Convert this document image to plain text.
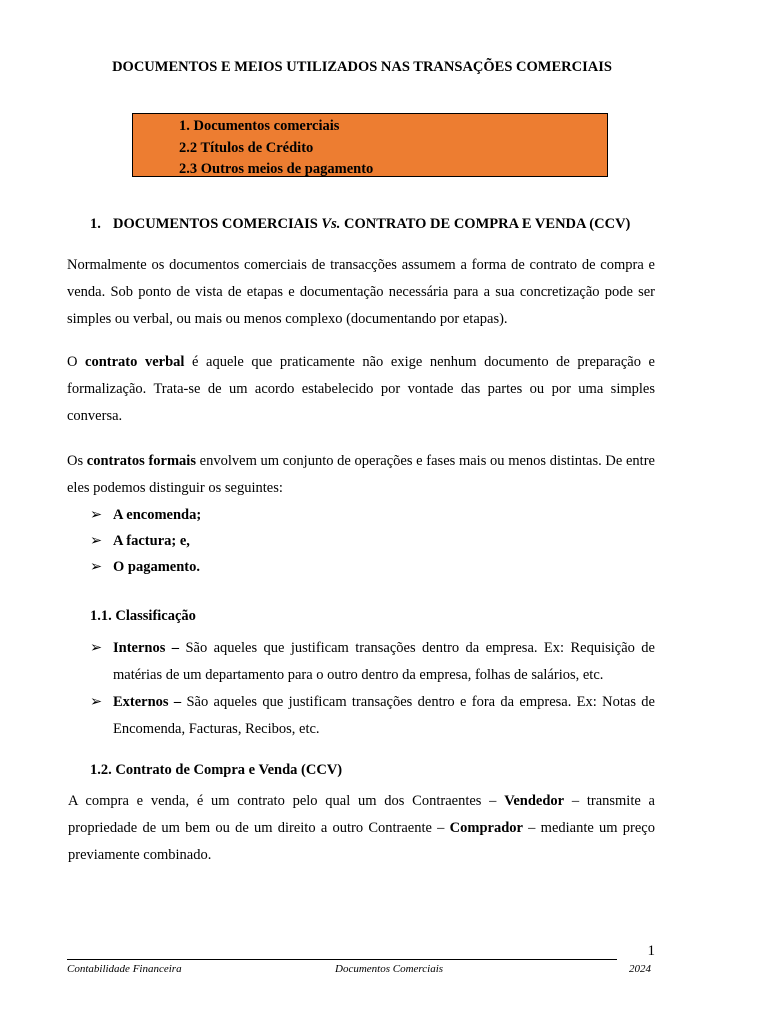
DOCUMENTOS E MEIOS UTILIZADOS NAS TRANSAÇÕES COMERCIAIS
1. Documentos comerciais
2.2 Títulos de Crédito
2.3 Outros meios de pagamento
1. DOCUMENTOS COMERCIAIS Vs. CONTRATO DE COMPRA E VENDA (CCV)
Normalmente os documentos comerciais de transacções assumem a forma de contrato de compra e venda. Sob ponto de vista de etapas e documentação necessária para a sua concretização pode ser simples ou verbal, ou mais ou menos complexo (documentando por etapas).
O contrato verbal é aquele que praticamente não exige nenhum documento de preparação e formalização. Trata-se de um acordo estabelecido por vontade das partes ou por uma simples conversa.
Os contratos formais envolvem um conjunto de operações e fases mais ou menos distintas. De entre eles podemos distinguir os seguintes:
➢ A encomenda;
➢ A factura; e,
➢ O pagamento.
1.1. Classificação
➢ Internos – São aqueles que justificam transações dentro da empresa. Ex: Requisição de matérias de um departamento para o outro dentro da empresa, folhas de salários, etc.
➢ Externos – São aqueles que justificam transações dentro e fora da empresa. Ex: Notas de Encomenda, Facturas, Recibos, etc.
1.2. Contrato de Compra e Venda (CCV)
A compra e venda, é um contrato pelo qual um dos Contraentes – Vendedor – transmite a propriedade de um bem ou de um direito a outro Contraente – Comprador – mediante um preço previamente combinado.
1
Contabilidade Financeira	Documentos Comerciais	2024
